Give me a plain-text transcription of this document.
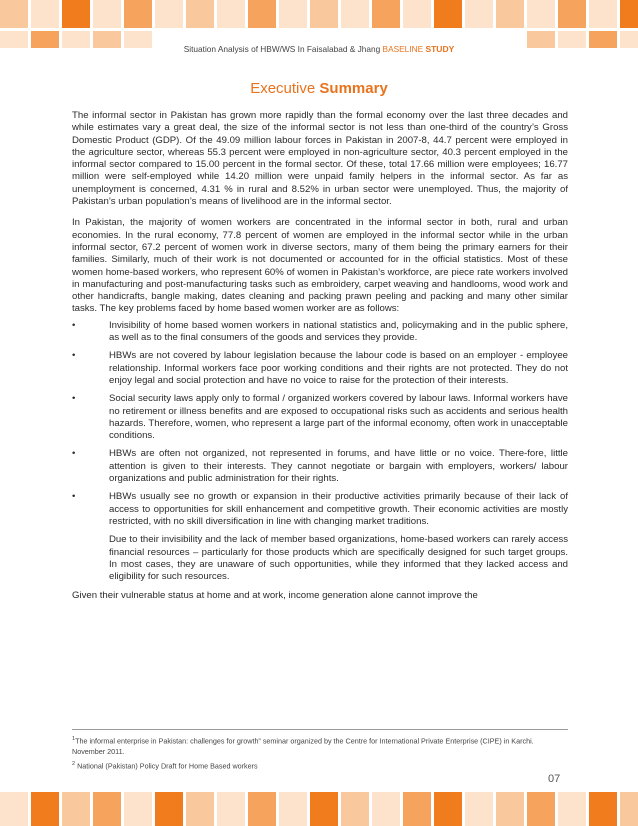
Situation Analysis of HBW/WS In Faisalabad & Jhang BASELINE STUDY
Executive Summary

The informal sector in Pakistan has grown more rapidly than the formal economy over the last three decades and while estimates vary a great deal, the size of the informal sector is not less than one-third of the country’s Gross Domestic Product (GDP). Of the 49.09 million labour forces in Pakistan in 2007-8, 44.7 percent were employed in the agriculture sector, whereas 55.3 percent were employed in non-agriculture sector, 40.3 percent employed in the informal sector compared to 15.00 percent in the formal sector. Of these, total 17.66 million were employees; 16.77 million were self-employed while 14.20 million were unpaid family helpers in the informal sector. As far as unemployment is concerned, 4.31 % in rural and 8.52% in urban sector were unemployed. Thus, the majority of Pakistan’s urban population’s means of livelihood are in the informal sector.

In Pakistan, the majority of women workers are concentrated in the informal sector in both, rural and urban economies. In the rural economy, 77.8 percent of women are employed in the informal sector while in the urban informal sector, 67.2 percent of women work in diverse sectors, many of them being the primary earners for their families. Similarly, much of their work is not documented or accounted for in the official statistics. Most of these women home-based workers, who represent 60% of women in Pakistan’s workforce, are piece rate workers involved in manufacturing and post-manufacturing tasks such as embroidery, carpet weaving and handlooms, wood work and other handicrafts, bangle making, dates cleaning and packing prawn peeling and packing and many other similar tasks. The key problems faced by home based women worker are as follows:

•	Invisibility of home based women workers in national statistics and, policymaking and in the public sphere, as well as to the final consumers of the goods and services they provide.
•	HBWs are not covered by labour legislation because the labour code is based on an employer - employee relationship. Informal workers face poor working conditions and their rights are not protected. They do not enjoy legal and social protection and have no voice to raise for the protection of their interests.
•	Social security laws apply only to formal / organized workers covered by labour laws. Informal workers have no retirement or illness benefits and are exposed to occupational risks such as accidents and serious health hazards. Therefore, women, who represent a large part of the informal economy, often work in unacceptable conditions.
•	HBWs are often not organized, not represented in forums, and have little or no voice. There-fore, little attention is given to their interests. They cannot negotiate or bargain with employers, workers/ labour organizations and public administration for their rights.
•	HBWs usually see no growth or expansion in their productive activities primarily because of their lack of access to opportunities for skill enhancement and competitive growth. Their economic activities are mostly restricted, with no skill diversification in line with changing market traditions.

Due to their invisibility and the lack of member based organizations, home-based workers can rarely access financial resources – particularly for those products which are specifically designed for such target groups. In most cases, they are unaware of such opportunities, while they informed that they lacked access and eligibility for such resources.

Given their vulnerable status at home and at work, income generation alone cannot improve the

$^1$The informal enterprise in Pakistan: challenges for growth” seminar organized by the Centre for International Private Enterprise (CIPE) in Karchi. November 2011.
$^2$ National (Pakistan) Policy Draft for Home Based workers
07
